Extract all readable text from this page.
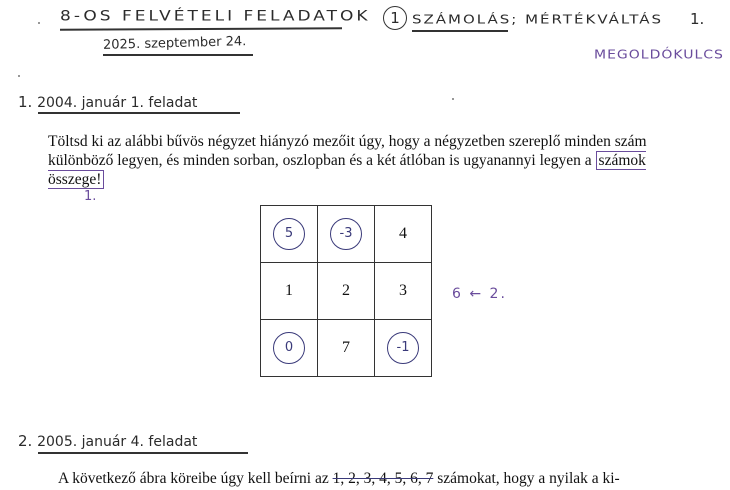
8-OS FELVÉTELI FELADATOK	1 SZÁMOLÁS; MÉRTÉKVÁLTÁS 1.
2025. szeptember 24.
MEGOLDÓKULCS
1. 2004. január 1. feladat
Töltsd ki az alábbi bűvös négyzet hiányzó mezőit úgy, hogy a négyzetben szereplő minden szám különböző legyen, és minden sorban, oszlopban és a két átlóban is ugyanannyi legyen a számok összege!
1.
5	-3	4
1	2	3
0	7	-1
6 ← 2.
2. 2005. január 4. feladat
A következő ábra köreibe úgy kell beírni az 1, 2, 3, 4, 5, 6, 7 számokat, hogy a nyilak a ki-
